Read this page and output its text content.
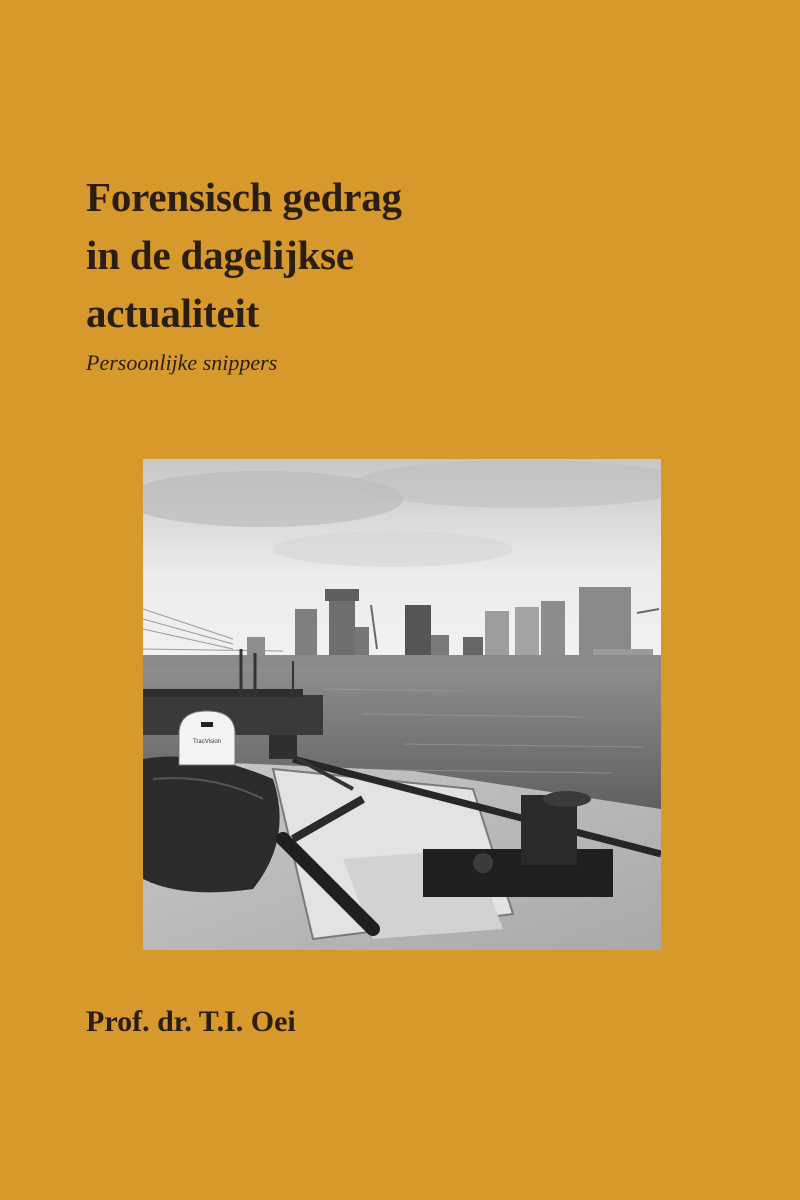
Forensisch gedrag
in de dagelijkse
actualiteit

Persoonlijke snippers

TracVision

Prof. dr. T.I. Oei
